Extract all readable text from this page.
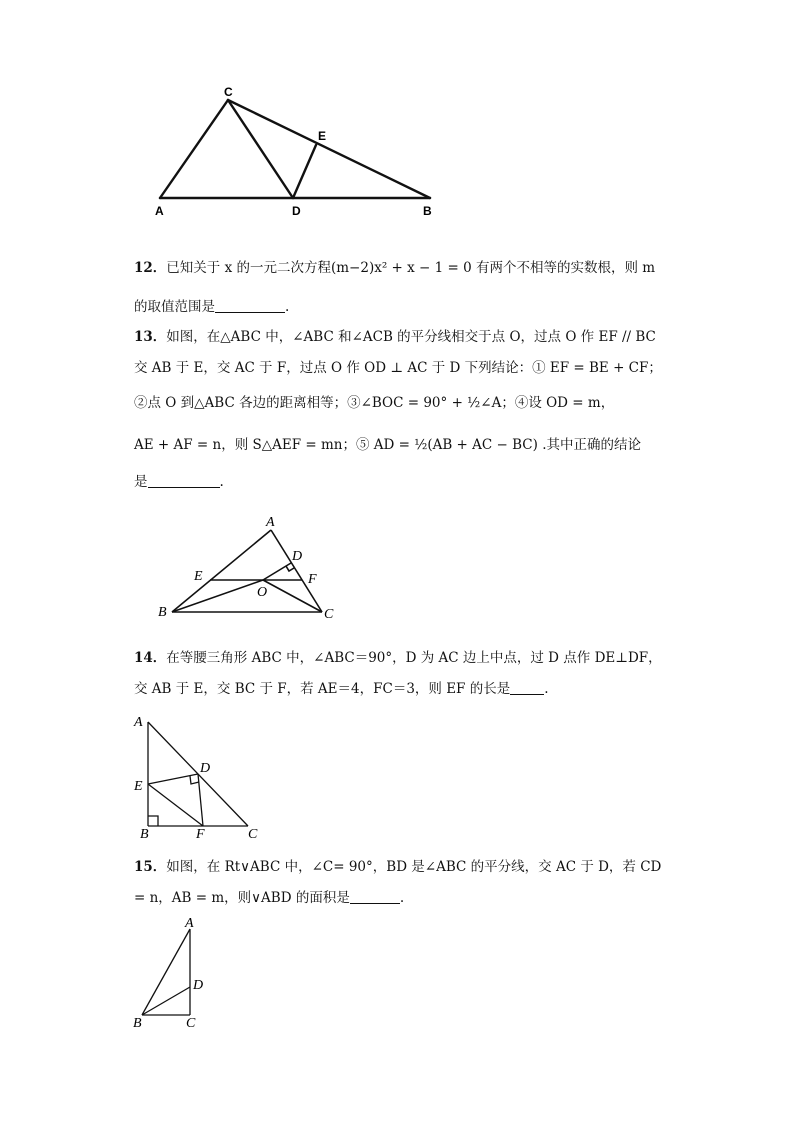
C
E
A	D	B
12．已知关于 x 的一元二次方程(m−2)x² + x − 1 = 0 有两个不相等的实数根，则 m
的取值范围是	.
13．如图，在△ABC 中，∠ABC 和∠ACB 的平分线相交于点 O，过点 O 作 EF // BC
交 AB 于 E，交 AC 于 F，过点 O 作 OD ⊥ AC 于 D 下列结论：① EF = BE + CF；
②点 O 到△ABC 各边的距离相等；③∠BOC = 90° + ½∠A；④设 OD = m，
AE + AF = n，则 S△AEF = mn；⑤ AD = ½(AB + AC − BC) .其中正确的结论
是	.
A
D
E	F
O
B	C
14．在等腰三角形 ABC 中，∠ABC＝90°，D 为 AC 边上中点，过 D 点作 DE⊥DF，
交 AB 于 E，交 BC 于 F，若 AE＝4，FC＝3，则 EF 的长是	.
A
D
E
B	F	C
15．如图，在 Rt∨ABC 中，∠C= 90°，BD 是∠ABC 的平分线，交 AC 于 D，若 CD
= n，AB = m，则∨ABD 的面积是	.
A
D
B	C
